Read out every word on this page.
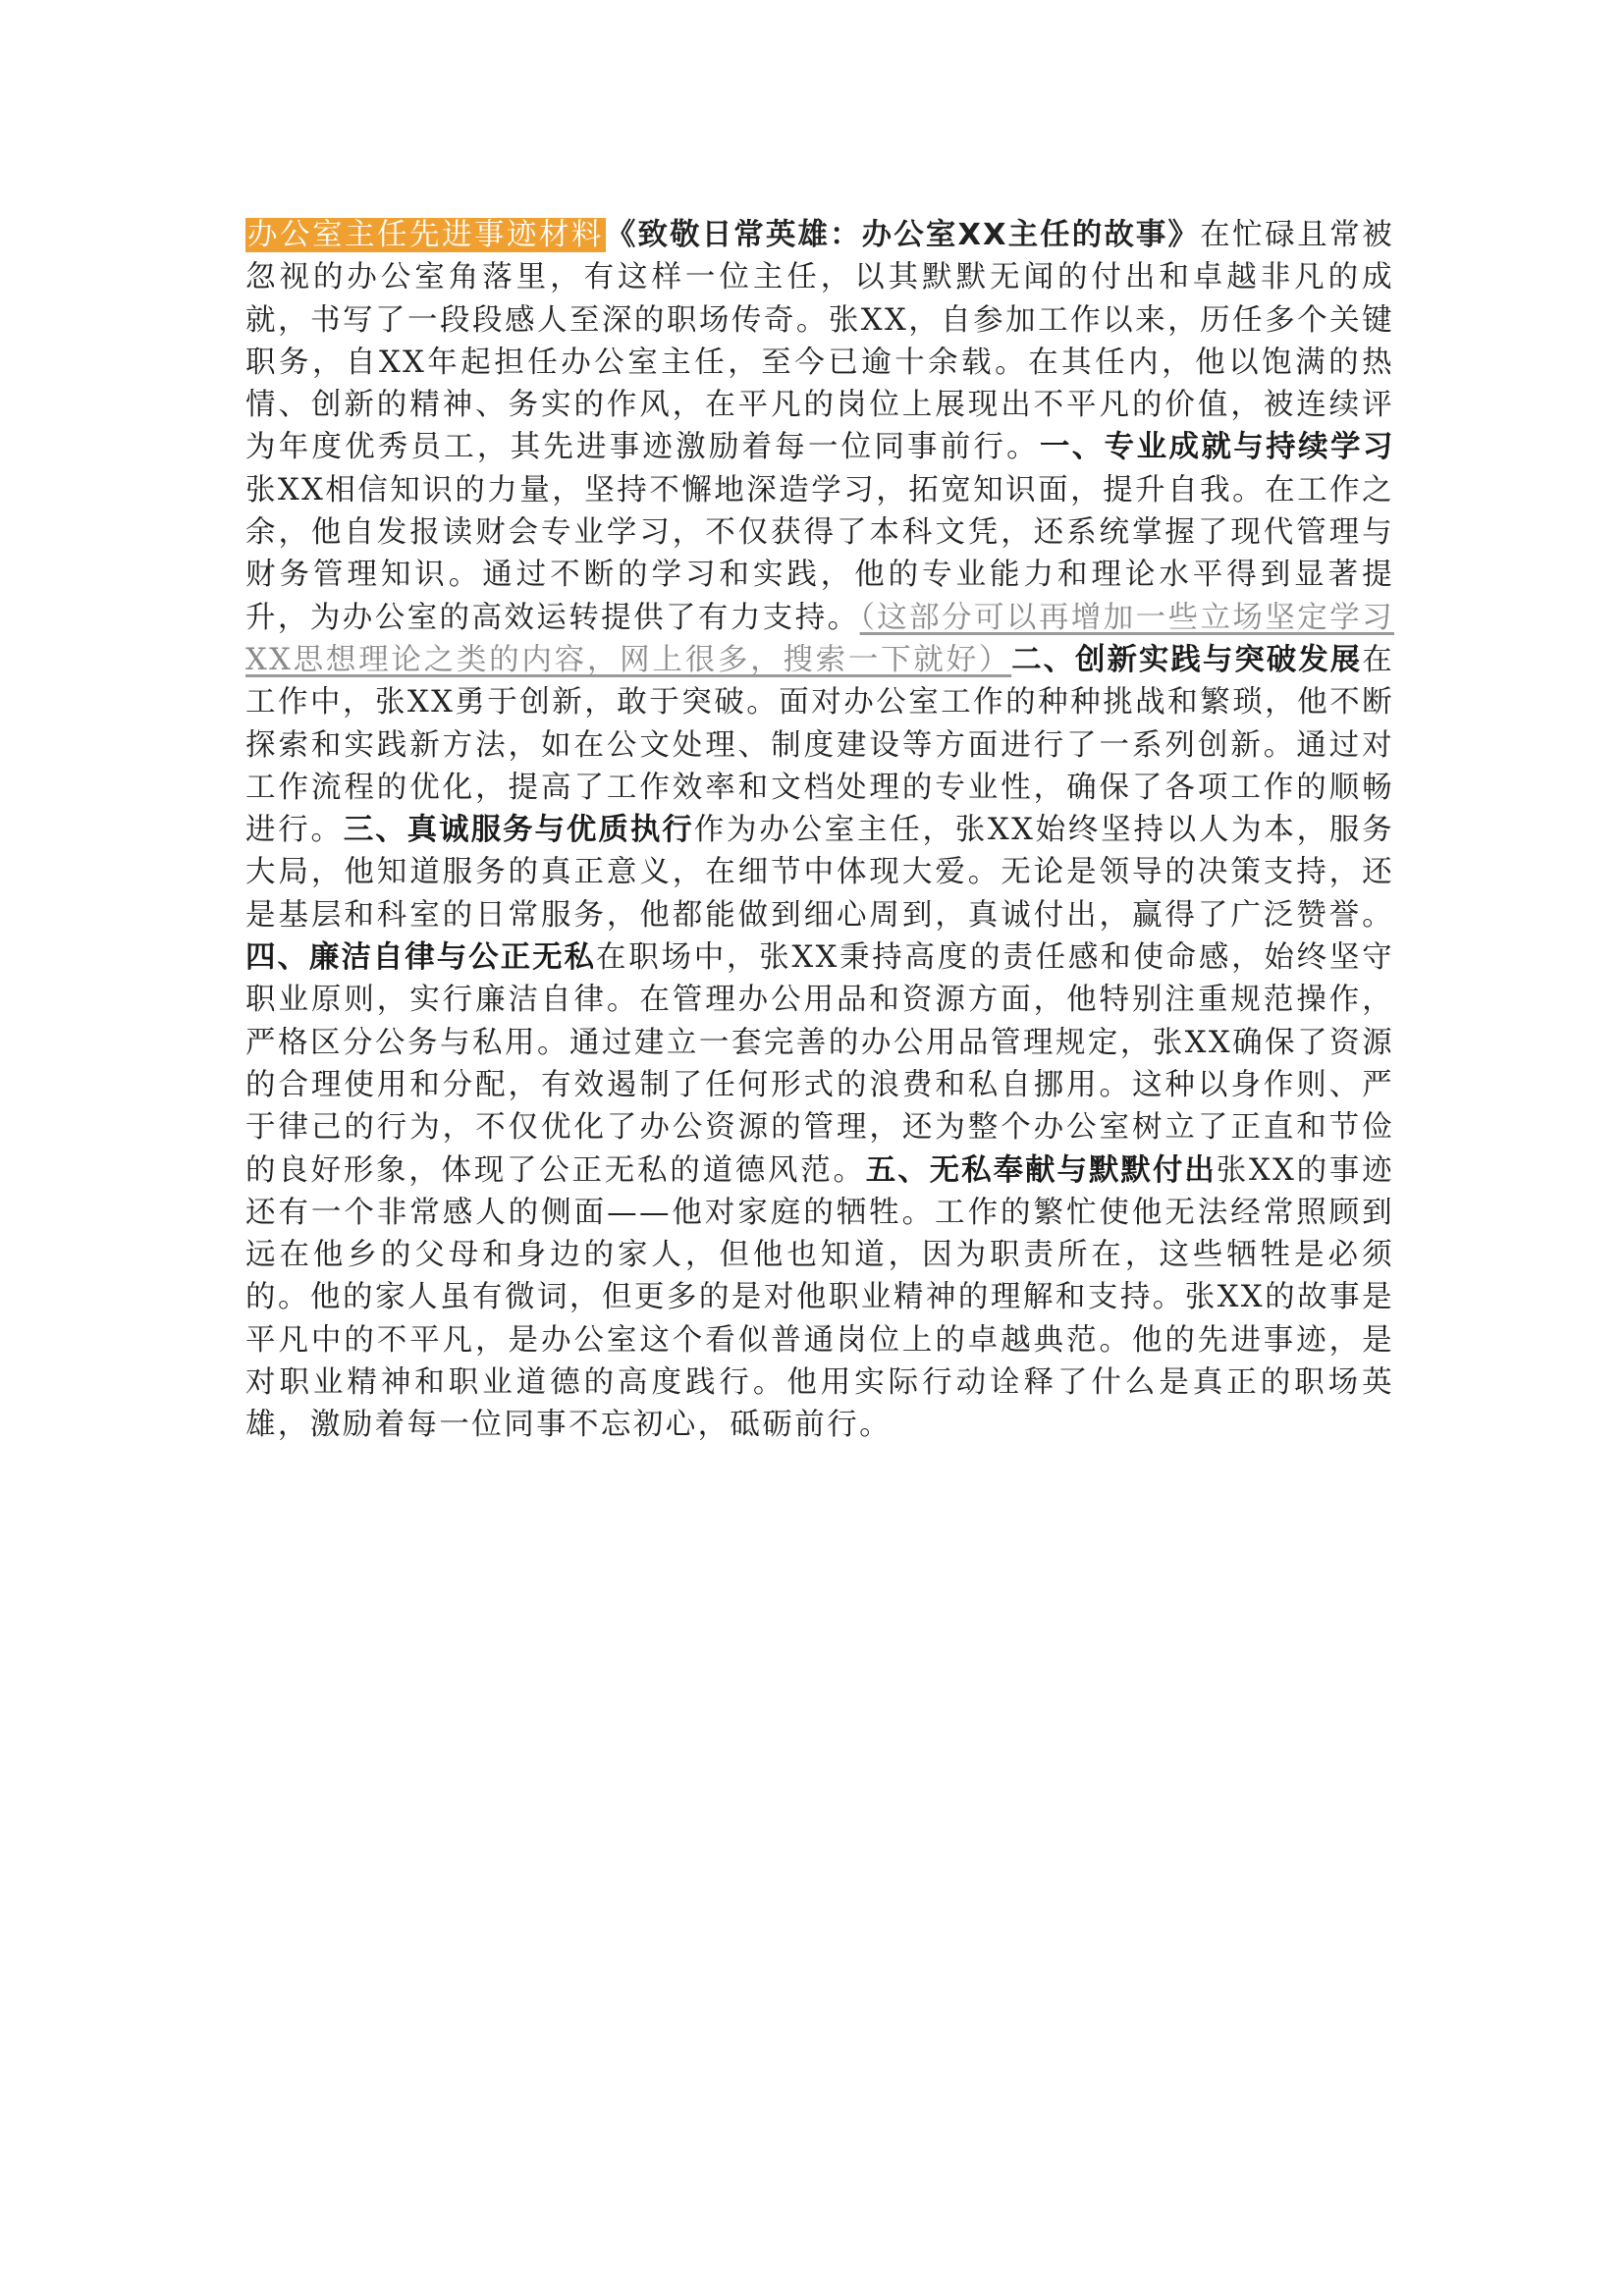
办公室主任先进事迹材料《致敬日常英雄：办公室XX主任的故事》在忙碌且常被忽视的办公室角落里，有这样一位主任，以其默默无闻的付出和卓越非凡的成就，书写了一段段感人至深的职场传奇。张XX，自参加工作以来，历任多个关键职务，自XX年起担任办公室主任，至今已逾十余载。在其任内，他以饱满的热情、创新的精神、务实的作风，在平凡的岗位上展现出不平凡的价值，被连续评为年度优秀员工，其先进事迹激励着每一位同事前行。一、专业成就与持续学习张XX相信知识的力量，坚持不懈地深造学习，拓宽知识面，提升自我。在工作之余，他自发报读财会专业学习，不仅获得了本科文凭，还系统掌握了现代管理与财务管理知识。通过不断的学习和实践，他的专业能力和理论水平得到显著提升，为办公室的高效运转提供了有力支持。（这部分可以再增加一些立场坚定学习XX思想理论之类的内容，网上很多，搜索一下就好）二、创新实践与突破发展在工作中，张XX勇于创新，敢于突破。面对办公室工作的种种挑战和繁琐，他不断探索和实践新方法，如在公文处理、制度建设等方面进行了一系列创新。通过对工作流程的优化，提高了工作效率和文档处理的专业性，确保了各项工作的顺畅进行。三、真诚服务与优质执行作为办公室主任，张XX始终坚持以人为本，服务大局，他知道服务的真正意义，在细节中体现大爱。无论是领导的决策支持，还是基层和科室的日常服务，他都能做到细心周到，真诚付出，赢得了广泛赞誉。四、廉洁自律与公正无私在职场中，张XX秉持高度的责任感和使命感，始终坚守职业原则，实行廉洁自律。在管理办公用品和资源方面，他特别注重规范操作，严格区分公务与私用。通过建立一套完善的办公用品管理规定，张XX确保了资源的合理使用和分配，有效遏制了任何形式的浪费和私自挪用。这种以身作则、严于律己的行为，不仅优化了办公资源的管理，还为整个办公室树立了正直和节俭的良好形象，体现了公正无私的道德风范。五、无私奉献与默默付出张XX的事迹还有一个非常感人的侧面——他对家庭的牺牲。工作的繁忙使他无法经常照顾到远在他乡的父母和身边的家人，但他也知道，因为职责所在，这些牺牲是必须的。他的家人虽有微词，但更多的是对他职业精神的理解和支持。张XX的故事是平凡中的不平凡，是办公室这个看似普通岗位上的卓越典范。他的先进事迹，是对职业精神和职业道德的高度践行。他用实际行动诠释了什么是真正的职场英雄，激励着每一位同事不忘初心，砥砺前行。
